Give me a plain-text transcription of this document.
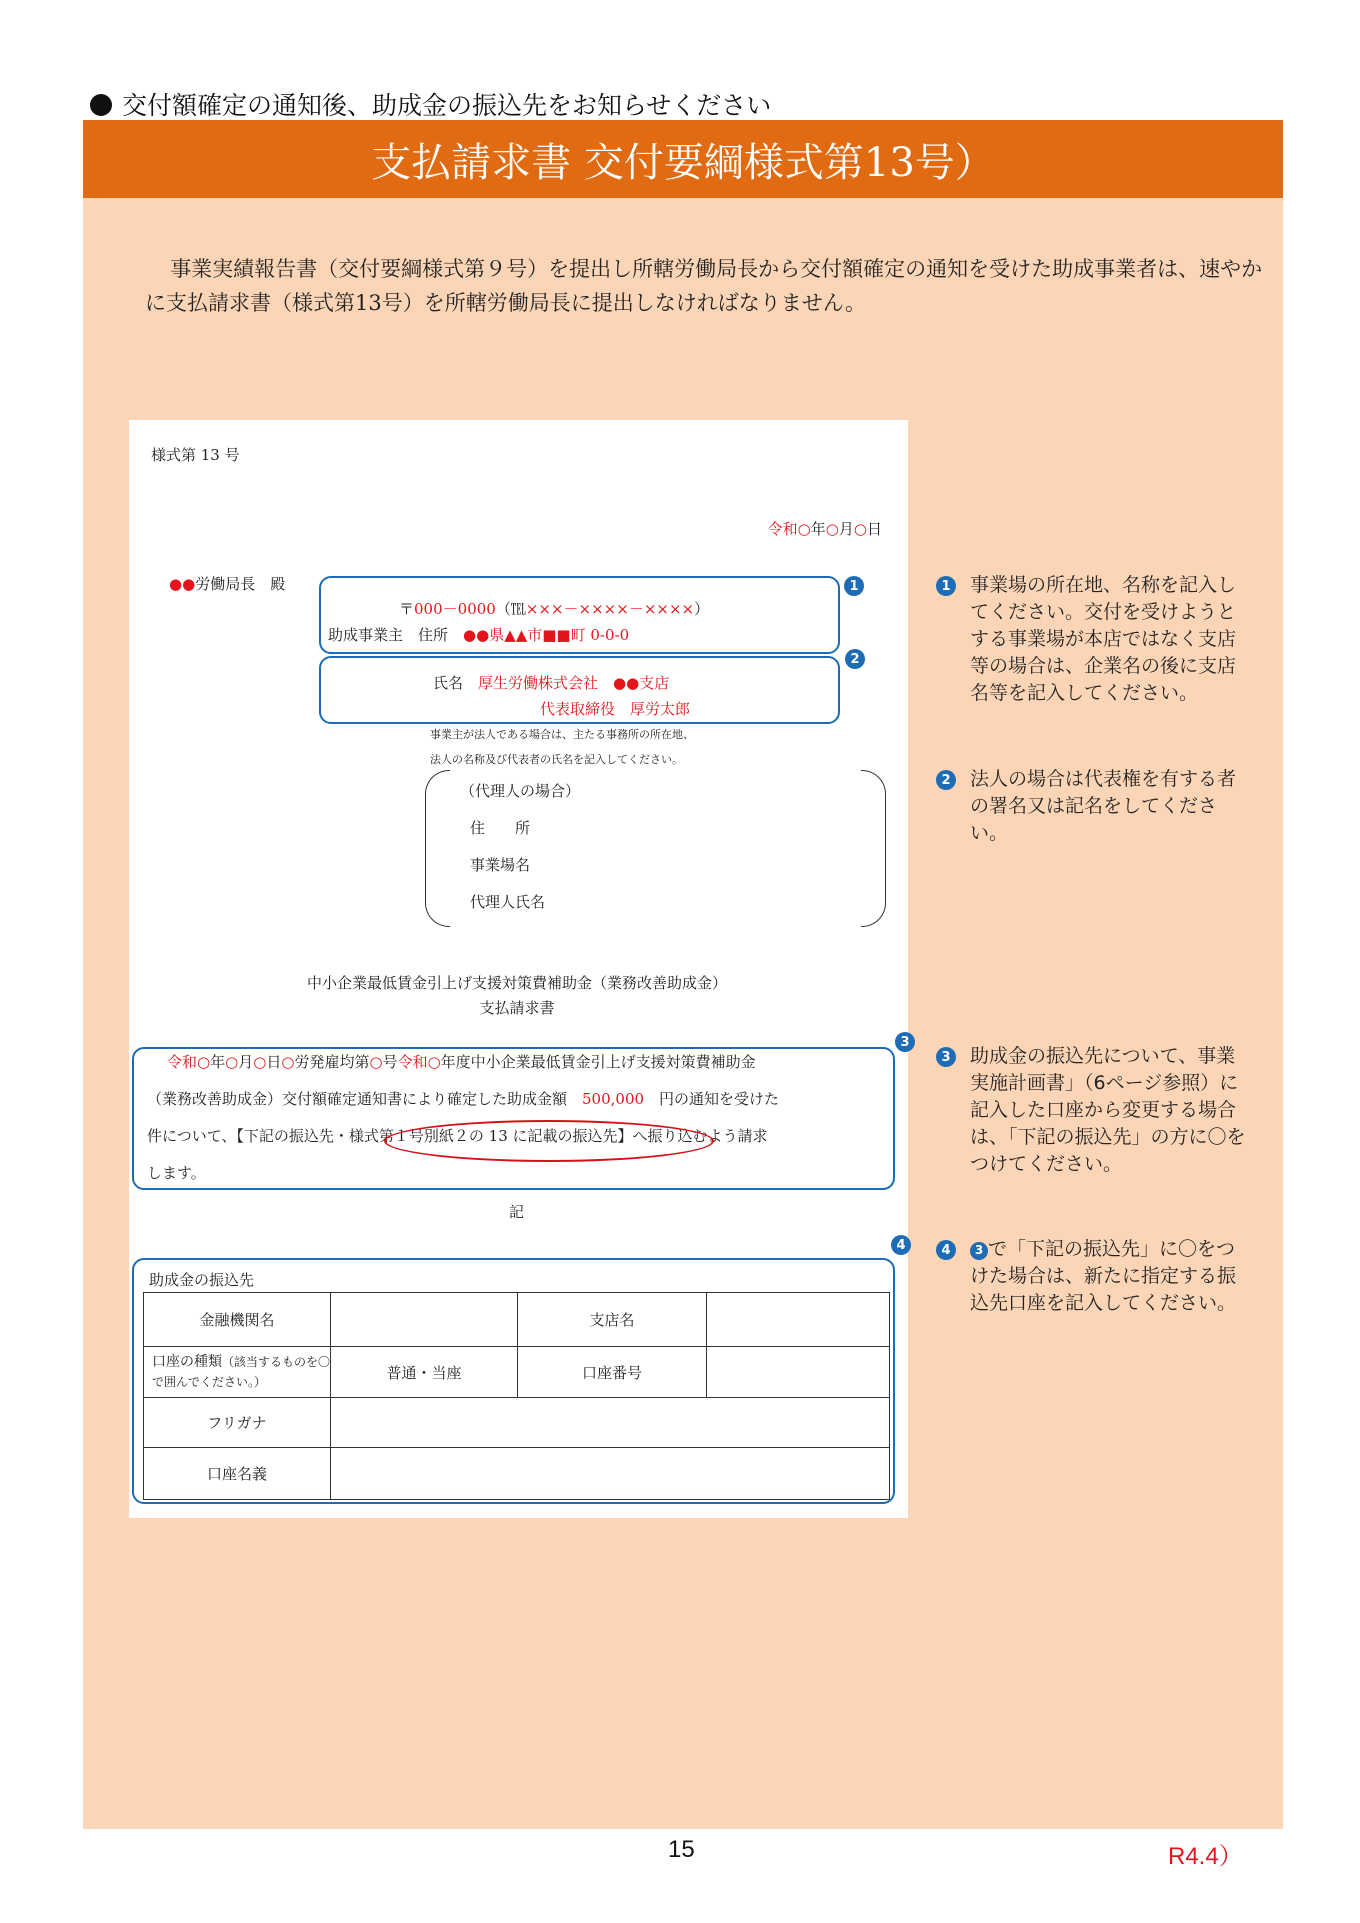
交付額確定の通知後、助成金の振込先をお知らせください
支払請求書 交付要綱様式第13号）
事業実績報告書（交付要綱様式第９号）を提出し所轄労働局長から交付額確定の通知を受けた助成事業者は、速やかに支払請求書（様式第13号）を所轄労働局長に提出しなければなりません。
様式第 13 号
令和○年○月○日
●●労働局長　殿	1
2
〒000－0000（℡×××－××××－××××）
助成事業主　住所　●●県▲▲市■■町 0-0-0
氏名　厚生労働株式会社　●●支店
代表取締役　厚労太郎
事業主が法人である場合は、主たる事務所の所在地、
法人の名称及び代表者の氏名を記入してください。
（代理人の場合）
住　　所
事業場名
代理人氏名
中小企業最低賃金引上げ支援対策費補助金（業務改善助成金）
支払請求書
3
令和○年○月○日○労発雇均第○号令和○年度中小企業最低賃金引上げ支援対策費補助金
（業務改善助成金）交付額確定通知書により確定した助成金額　500,000　円の通知を受けた
件について、【下記の振込先・様式第１号別紙２の 13 に記載の振込先】へ振り込むよう請求
します。
記
4
助成金の振込先
金融機関名		支店名	
口座の種類（該当するものを〇で囲んでください。）	普通・当座	口座番号	
フリガナ			
口座名義			
1 事業場の所在地、名称を記入してください。交付を受けようとする事業場が本店ではなく支店等の場合は、企業名の後に支店名等を記入してください。
2 法人の場合は代表権を有する者の署名又は記名をしてください。
3 助成金の振込先について、事業実施計画書」（6ページ参照）に記入した口座から変更する場合は、「下記の振込先」の方に〇をつけてください。
4	3 で「下記の振込先」に〇をつけた場合は、新たに指定する振込先口座を記入してください。
15	R4.4）
